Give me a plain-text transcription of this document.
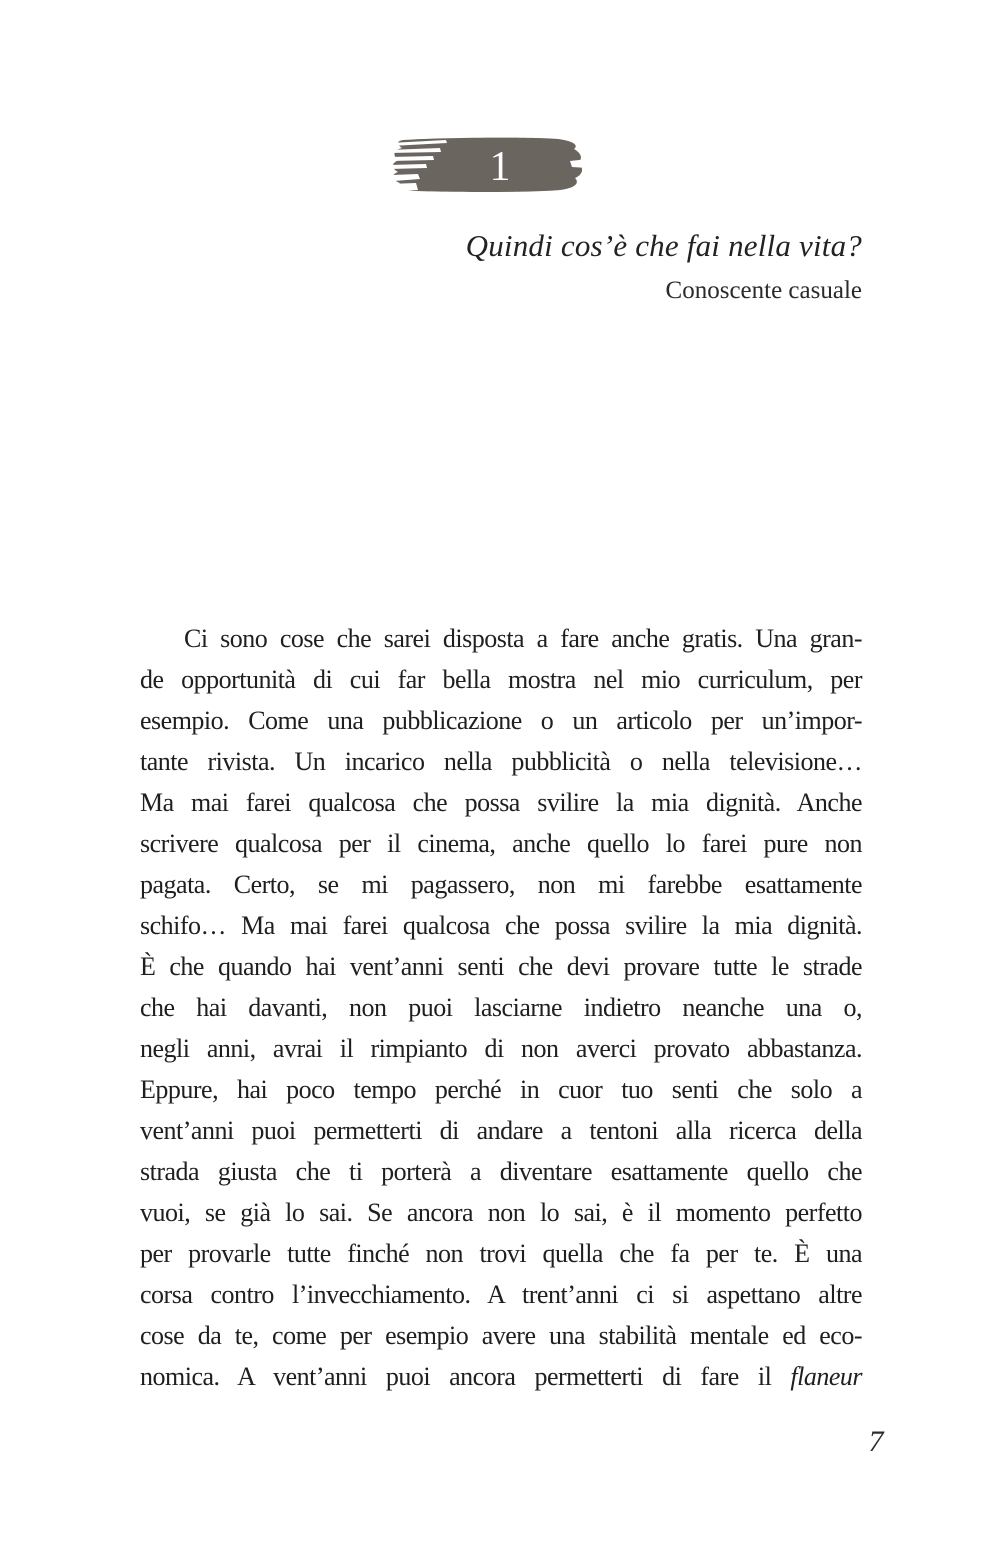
1
Quindi cos’è che fai nella vita?
Conoscente casuale
Ci sono cose che sarei disposta a fare anche gratis. Una gran-
de opportunità di cui far bella mostra nel mio curriculum, per
esempio. Come una pubblicazione o un articolo per un’impor-
tante rivista. Un incarico nella pubblicità o nella televisione…
Ma mai farei qualcosa che possa svilire la mia dignità. Anche
scrivere qualcosa per il cinema, anche quello lo farei pure non
pagata. Certo, se mi pagassero, non mi farebbe esattamente
schifo… Ma mai farei qualcosa che possa svilire la mia dignità.
È che quando hai vent’anni senti che devi provare tutte le strade
che hai davanti, non puoi lasciarne indietro neanche una o,
negli anni, avrai il rimpianto di non averci provato abbastanza.
Eppure, hai poco tempo perché in cuor tuo senti che solo a
vent’anni puoi permetterti di andare a tentoni alla ricerca della
strada giusta che ti porterà a diventare esattamente quello che
vuoi, se già lo sai. Se ancora non lo sai, è il momento perfetto
per provarle tutte finché non trovi quella che fa per te. È una
corsa contro l’invecchiamento. A trent’anni ci si aspettano altre
cose da te, come per esempio avere una stabilità mentale ed eco-
nomica. A vent’anni puoi ancora permetterti di fare il flaneur
7
